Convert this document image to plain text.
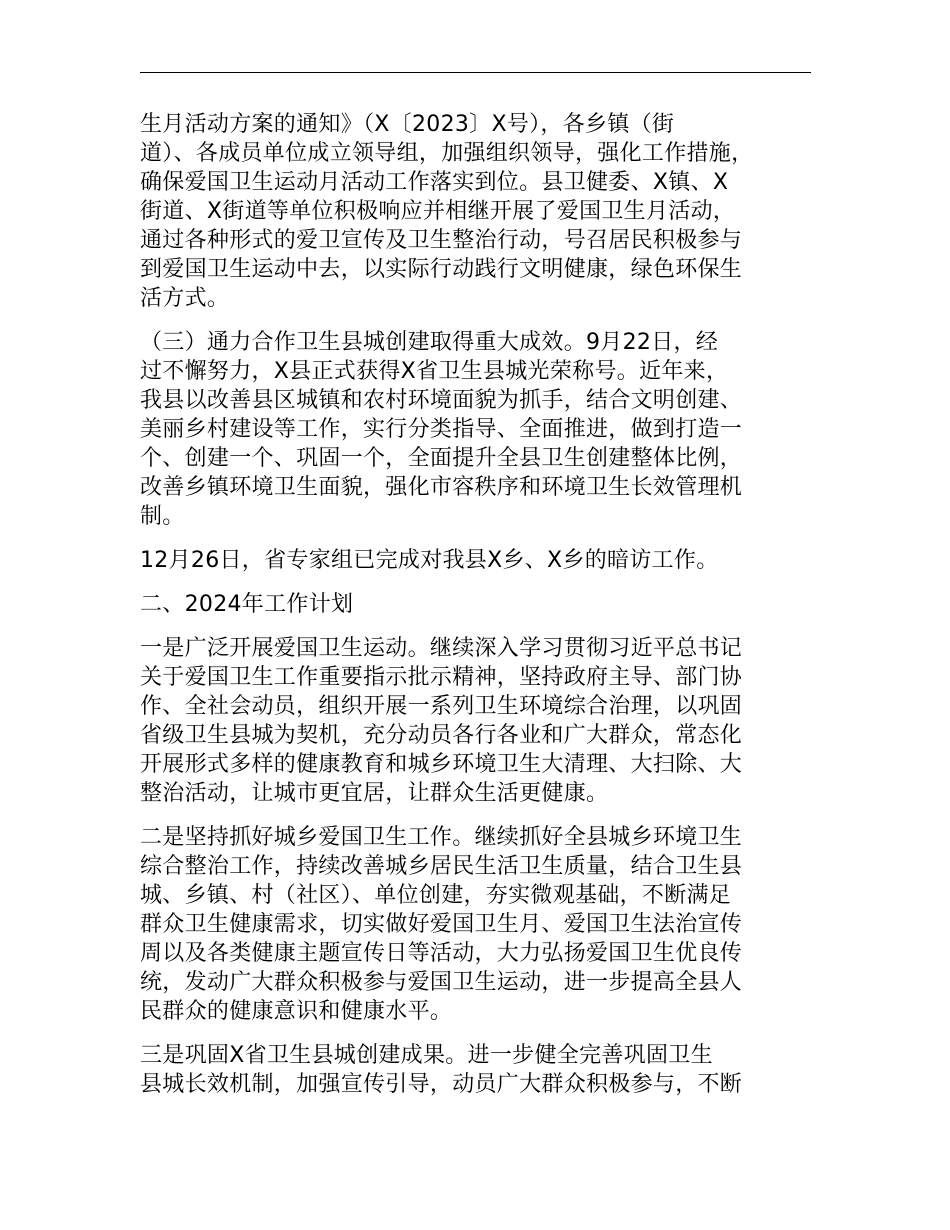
生月活动方案的通知》（X〔2023〕X号），各乡镇（街
道）、各成员单位成立领导组，加强组织领导，强化工作措施，
确保爱国卫生运动月活动工作落实到位。县卫健委、X镇、X
街道、X街道等单位积极响应并相继开展了爱国卫生月活动，
通过各种形式的爱卫宣传及卫生整治行动，号召居民积极参与
到爱国卫生运动中去，以实际行动践行文明健康，绿色环保生
活方式。
（三）通力合作卫生县城创建取得重大成效。9月22日，经
过不懈努力，X县正式获得X省卫生县城光荣称号。近年来，
我县以改善县区城镇和农村环境面貌为抓手，结合文明创建、
美丽乡村建设等工作，实行分类指导、全面推进，做到打造一
个、创建一个、巩固一个，全面提升全县卫生创建整体比例，
改善乡镇环境卫生面貌，强化市容秩序和环境卫生长效管理机
制。
12月26日，省专家组已完成对我县X乡、X乡的暗访工作。
二、2024年工作计划
一是广泛开展爱国卫生运动。继续深入学习贯彻习近平总书记
关于爱国卫生工作重要指示批示精神，坚持政府主导、部门协
作、全社会动员，组织开展一系列卫生环境综合治理，以巩固
省级卫生县城为契机，充分动员各行各业和广大群众，常态化
开展形式多样的健康教育和城乡环境卫生大清理、大扫除、大
整治活动，让城市更宜居，让群众生活更健康。
二是坚持抓好城乡爱国卫生工作。继续抓好全县城乡环境卫生
综合整治工作，持续改善城乡居民生活卫生质量，结合卫生县
城、乡镇、村（社区）、单位创建，夯实微观基础，不断满足
群众卫生健康需求，切实做好爱国卫生月、爱国卫生法治宣传
周以及各类健康主题宣传日等活动，大力弘扬爱国卫生优良传
统，发动广大群众积极参与爱国卫生运动，进一步提高全县人
民群众的健康意识和健康水平。
三是巩固X省卫生县城创建成果。进一步健全完善巩固卫生
县城长效机制，加强宣传引导，动员广大群众积极参与，不断
